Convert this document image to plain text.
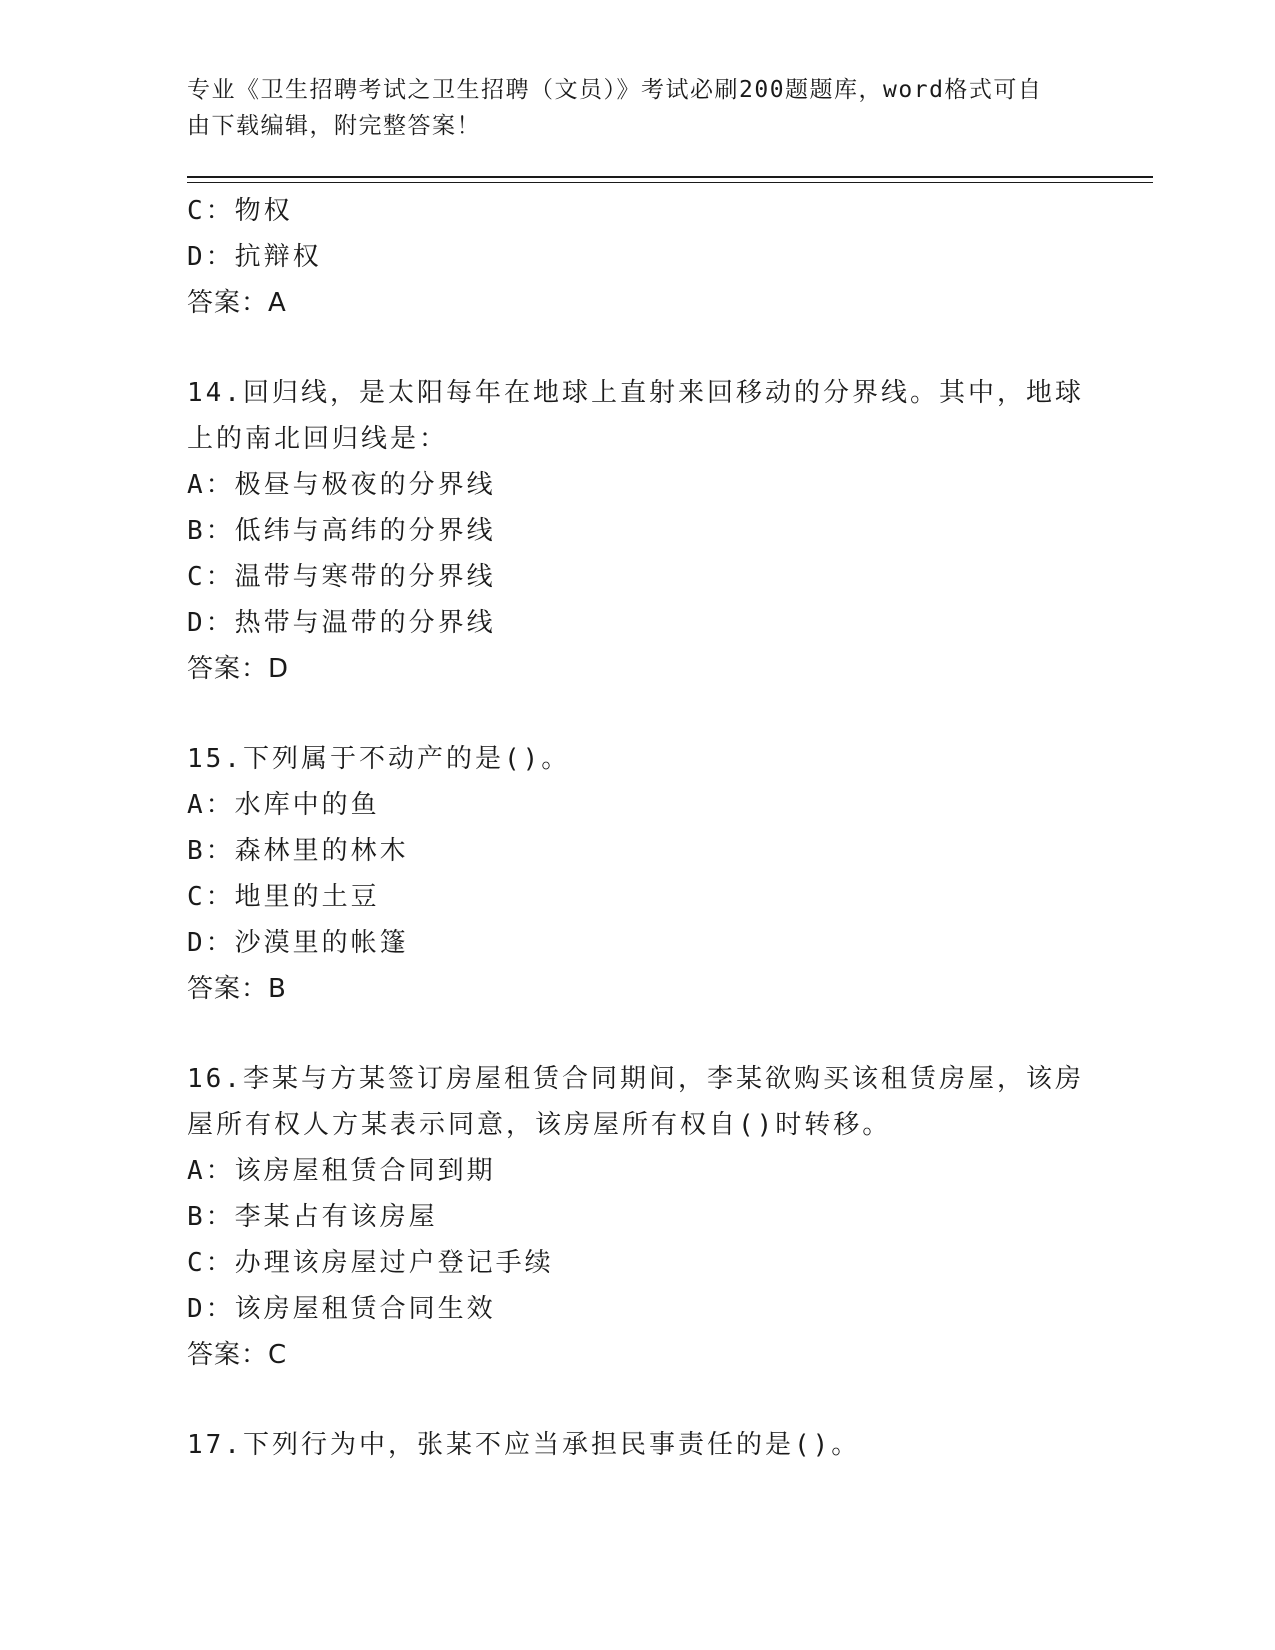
专业《卫生招聘考试之卫生招聘（文员）》考试必刷200题题库，word格式可自
由下载编辑，附完整答案！
C：物权
D：抗辩权
答案：A
14.回归线，是太阳每年在地球上直射来回移动的分界线。其中，地球
上的南北回归线是：
A：极昼与极夜的分界线
B：低纬与高纬的分界线
C：温带与寒带的分界线
D：热带与温带的分界线
答案：D
15.下列属于不动产的是()。
A：水库中的鱼
B：森林里的林木
C：地里的土豆
D：沙漠里的帐篷
答案：B
16.李某与方某签订房屋租赁合同期间，李某欲购买该租赁房屋，该房
屋所有权人方某表示同意，该房屋所有权自()时转移。
A：该房屋租赁合同到期
B：李某占有该房屋
C：办理该房屋过户登记手续
D：该房屋租赁合同生效
答案：C
17.下列行为中，张某不应当承担民事责任的是()。
